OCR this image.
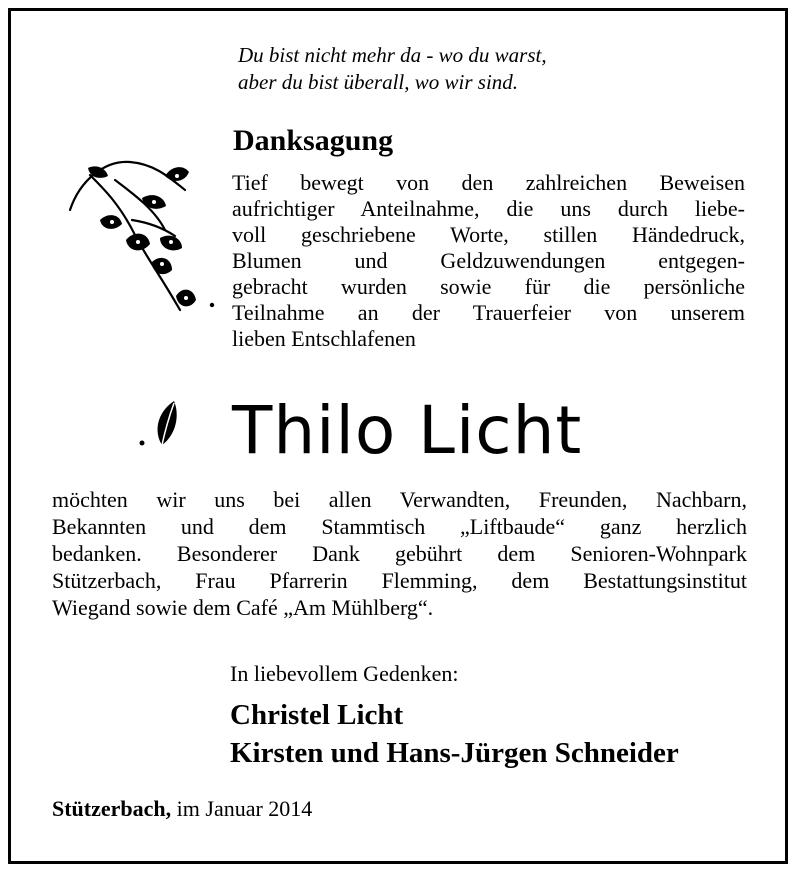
Du bist nicht mehr da - wo du warst,
aber du bist überall, wo wir sind.
Danksagung
Tief bewegt von den zahlreichen Beweisen
aufrichtiger Anteilnahme, die uns durch liebe-
voll geschriebene Worte, stillen Händedruck,
Blumen und Geldzuwendungen entgegen-
gebracht wurden sowie für die persönliche
Teilnahme an der Trauerfeier von unserem
lieben Entschlafenen
Thilo Licht
möchten wir uns bei allen Verwandten, Freunden, Nachbarn,
Bekannten und dem Stammtisch „Liftbaude“ ganz herzlich
bedanken. Besonderer Dank gebührt dem Senioren-Wohnpark
Stützerbach, Frau Pfarrerin Flemming, dem Bestattungsinstitut
Wiegand sowie dem Café „Am Mühlberg“.
In liebevollem Gedenken:
Christel Licht
Kirsten und Hans-Jürgen Schneider
Stützerbach, im Januar 2014
